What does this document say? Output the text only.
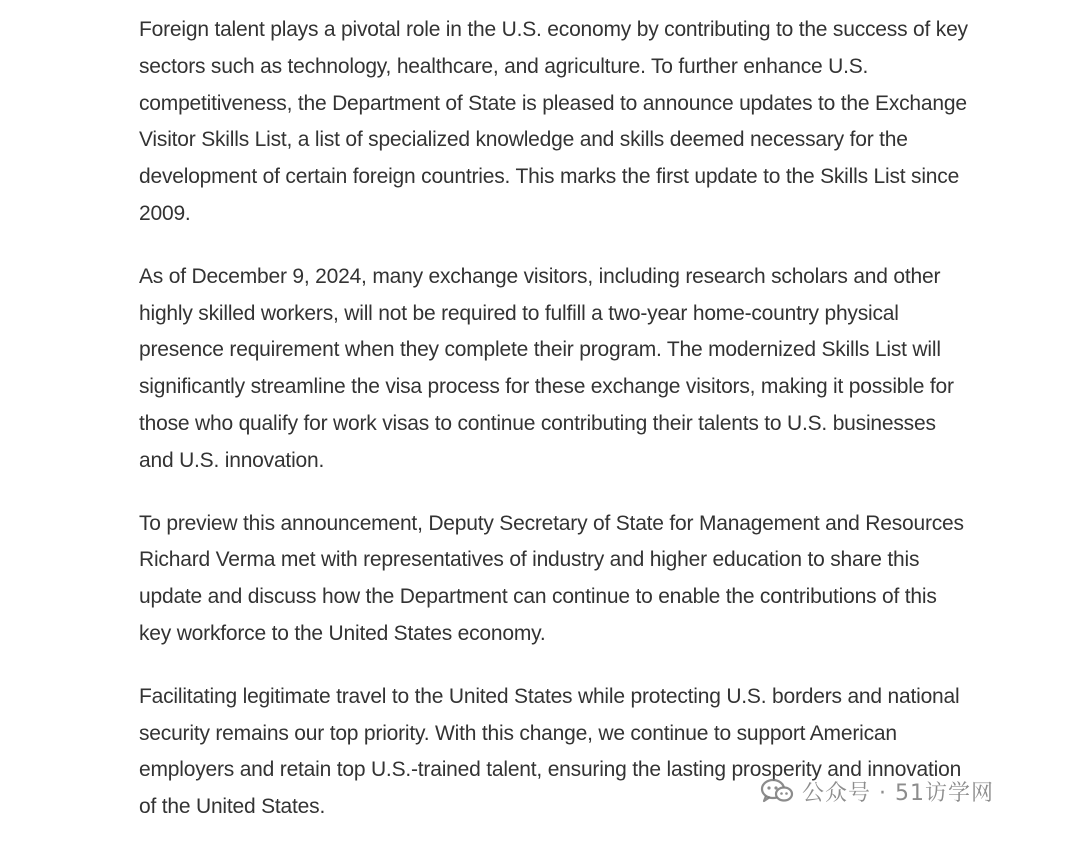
Foreign talent plays a pivotal role in the U.S. economy by contributing to the success of key sectors such as technology, healthcare, and agriculture. To further enhance U.S. competitiveness, the Department of State is pleased to announce updates to the Exchange Visitor Skills List, a list of specialized knowledge and skills deemed necessary for the development of certain foreign countries. This marks the first update to the Skills List since 2009.

As of December 9, 2024, many exchange visitors, including research scholars and other highly skilled workers, will not be required to fulfill a two-year home-country physical presence requirement when they complete their program. The modernized Skills List will significantly streamline the visa process for these exchange visitors, making it possible for those who qualify for work visas to continue contributing their talents to U.S. businesses and U.S. innovation.

To preview this announcement, Deputy Secretary of State for Management and Resources Richard Verma met with representatives of industry and higher education to share this update and discuss how the Department can continue to enable the contributions of this key workforce to the United States economy.

Facilitating legitimate travel to the United States while protecting U.S. borders and national security remains our top priority. With this change, we continue to support American employers and retain top U.S.-trained talent, ensuring the lasting prosperity and innovation of the United States.

公众号 · 51访学网
